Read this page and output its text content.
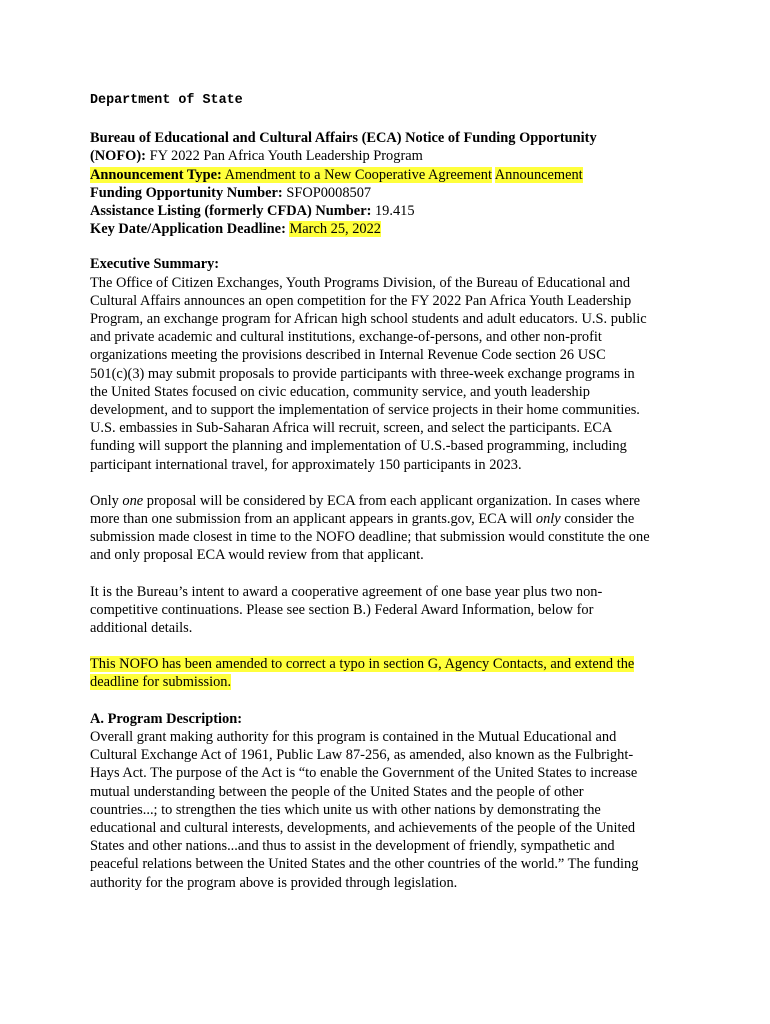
Department of State
Bureau of Educational and Cultural Affairs (ECA) Notice of Funding Opportunity
(NOFO): FY 2022 Pan Africa Youth Leadership Program
Announcement Type: Amendment to a New Cooperative Agreement Announcement
Funding Opportunity Number: SFOP0008507
Assistance Listing (formerly CFDA) Number: 19.415
Key Date/Application Deadline: March 25, 2022
Executive Summary:
The Office of Citizen Exchanges, Youth Programs Division, of the Bureau of Educational and
Cultural Affairs announces an open competition for the FY 2022 Pan Africa Youth Leadership
Program, an exchange program for African high school students and adult educators. U.S. public
and private academic and cultural institutions, exchange-of-persons, and other non-profit
organizations meeting the provisions described in Internal Revenue Code section 26 USC
501(c)(3) may submit proposals to provide participants with three-week exchange programs in
the United States focused on civic education, community service, and youth leadership
development, and to support the implementation of service projects in their home communities.
U.S. embassies in Sub-Saharan Africa will recruit, screen, and select the participants. ECA
funding will support the planning and implementation of U.S.-based programming, including
participant international travel, for approximately 150 participants in 2023.
Only one proposal will be considered by ECA from each applicant organization. In cases where
more than one submission from an applicant appears in grants.gov, ECA will only consider the
submission made closest in time to the NOFO deadline; that submission would constitute the one
and only proposal ECA would review from that applicant.
It is the Bureau’s intent to award a cooperative agreement of one base year plus two non-
competitive continuations. Please see section B.) Federal Award Information, below for
additional details.
This NOFO has been amended to correct a typo in section G, Agency Contacts, and extend the
deadline for submission.
A. Program Description:
Overall grant making authority for this program is contained in the Mutual Educational and
Cultural Exchange Act of 1961, Public Law 87-256, as amended, also known as the Fulbright-
Hays Act. The purpose of the Act is “to enable the Government of the United States to increase
mutual understanding between the people of the United States and the people of other
countries...; to strengthen the ties which unite us with other nations by demonstrating the
educational and cultural interests, developments, and achievements of the people of the United
States and other nations...and thus to assist in the development of friendly, sympathetic and
peaceful relations between the United States and the other countries of the world.” The funding
authority for the program above is provided through legislation.
